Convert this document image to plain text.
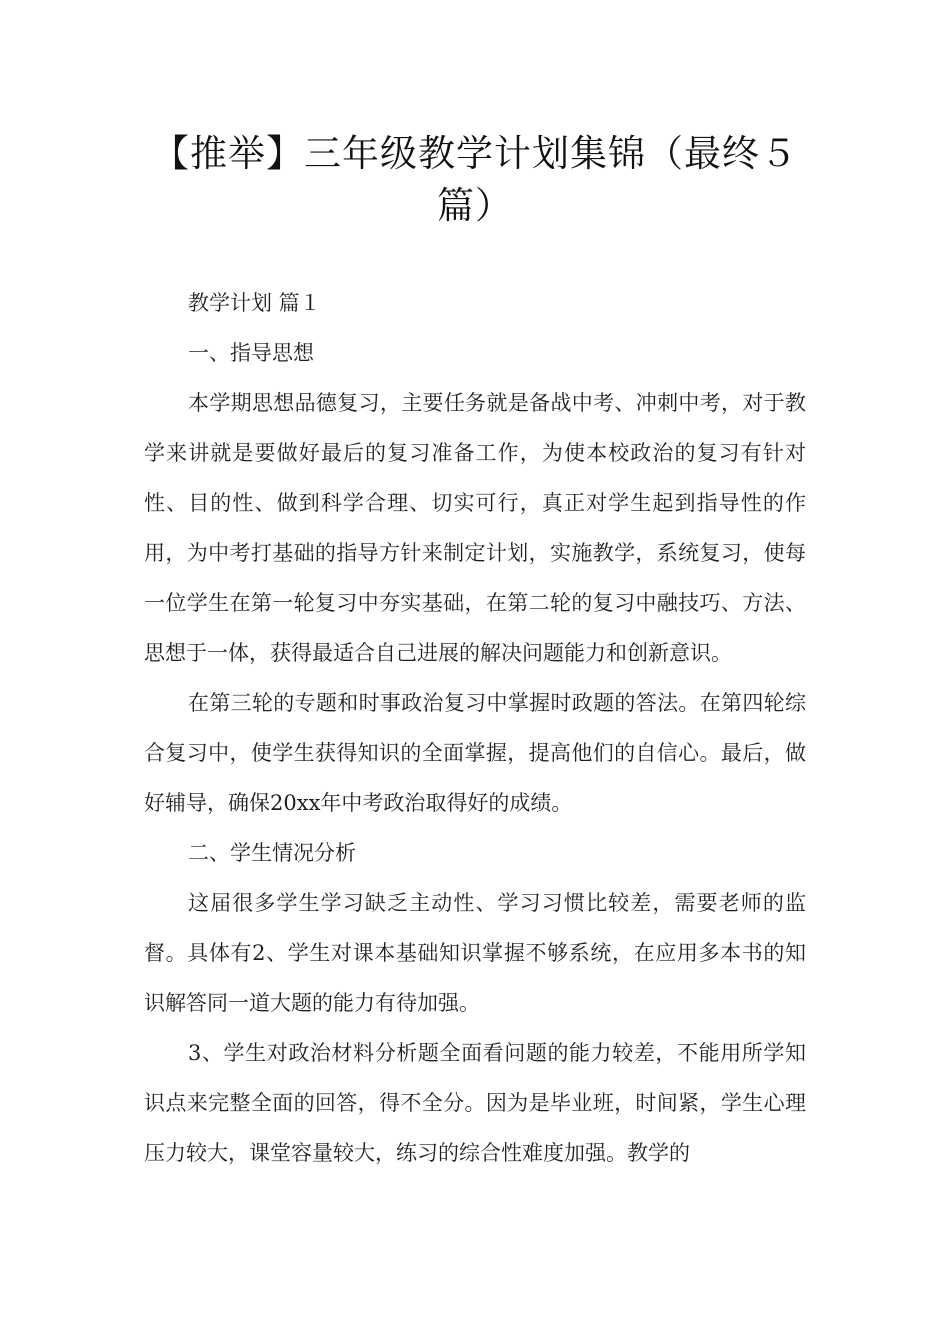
【推举】三年级教学计划集锦（最终５篇）

教学计划 篇１

一、指导思想

本学期思想品德复习，主要任务就是备战中考、冲刺中考，对于教学来讲就是要做好最后的复习准备工作，为使本校政治的复习有针对性、目的性、做到科学合理、切实可行，真正对学生起到指导性的作用，为中考打基础的指导方针来制定计划，实施教学，系统复习，使每一位学生在第一轮复习中夯实基础，在第二轮的复习中融技巧、方法、思想于一体，获得最适合自己进展的解决问题能力和创新意识。

在第三轮的专题和时事政治复习中掌握时政题的答法。在第四轮综合复习中，使学生获得知识的全面掌握，提高他们的自信心。最后，做好辅导，确保20xx年中考政治取得好的成绩。

二、学生情况分析

这届很多学生学习缺乏主动性、学习习惯比较差，需要老师的监督。具体有2、学生对课本基础知识掌握不够系统，在应用多本书的知识解答同一道大题的能力有待加强。

3、学生对政治材料分析题全面看问题的能力较差，不能用所学知识点来完整全面的回答，得不全分。因为是毕业班，时间紧，学生心理压力较大，课堂容量较大，练习的综合性难度加强。教学的
